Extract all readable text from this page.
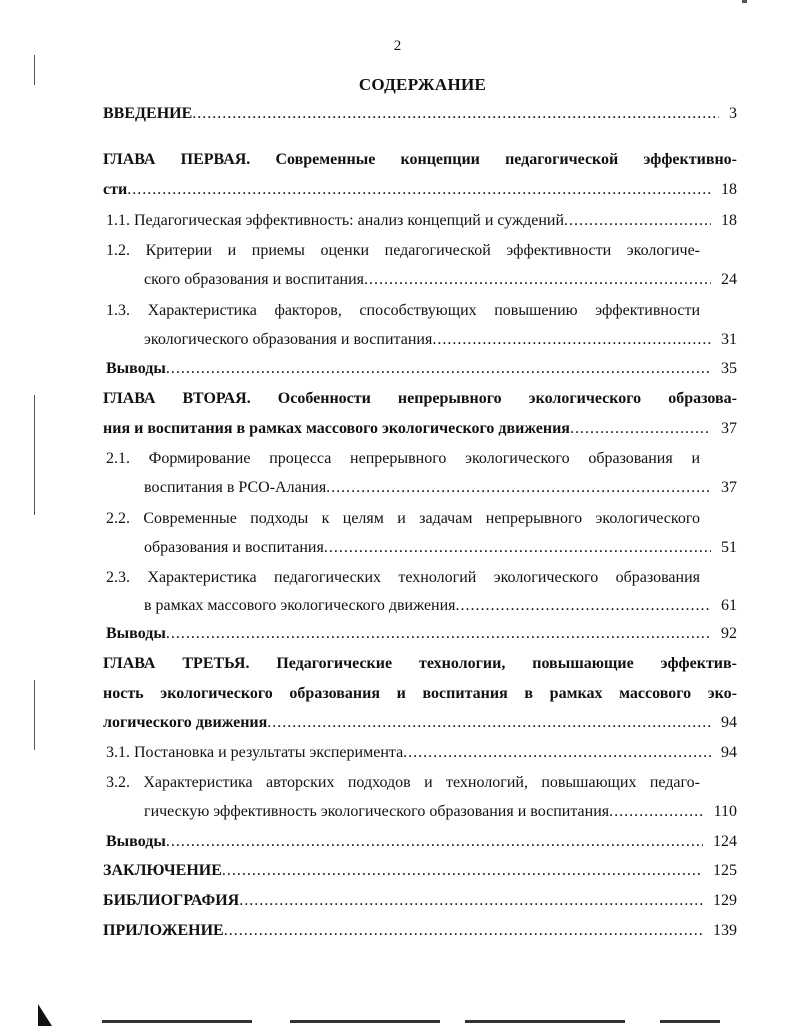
2
СОДЕРЖАНИЕ
ВВЕДЕНИЕ .....	3
ГЛАВА ПЕРВАЯ. Современные концепции педагогической эффективно-
сти .....	18
1.1. Педагогическая эффективность: анализ концепций и суждений .....	18
1.2. Критерии и приемы оценки педагогической эффективности экологиче-
ского образования и воспитания .....	24
1.3. Характеристика факторов, способствующих повышению эффективности
экологического образования и воспитания .....	31
Выводы .....	35
ГЛАВА ВТОРАЯ. Особенности непрерывного экологического образова-
ния и воспитания в рамках массового экологического движения .....	37
2.1. Формирование процесса непрерывного экологического образования и
воспитания в РСО-Алания .....	37
2.2. Современные подходы к целям и задачам непрерывного экологического
образования и воспитания .....	51
2.3. Характеристика педагогических технологий экологического образования
в рамках массового экологического движения .....	61
Выводы .....	92
ГЛАВА ТРЕТЬЯ. Педагогические технологии, повышающие эффектив-
ность экологического образования и воспитания в рамках массового эко-
логического движения .....	94
3.1. Постановка и результаты эксперимента .....	94
3.2. Характеристика авторских подходов и технологий, повышающих педаго-
гическую эффективность экологического образования и воспитания .....	110
Выводы .....	124
ЗАКЛЮЧЕНИЕ .....	125
БИБЛИОГРАФИЯ .....	129
ПРИЛОЖЕНИЕ .....	139
